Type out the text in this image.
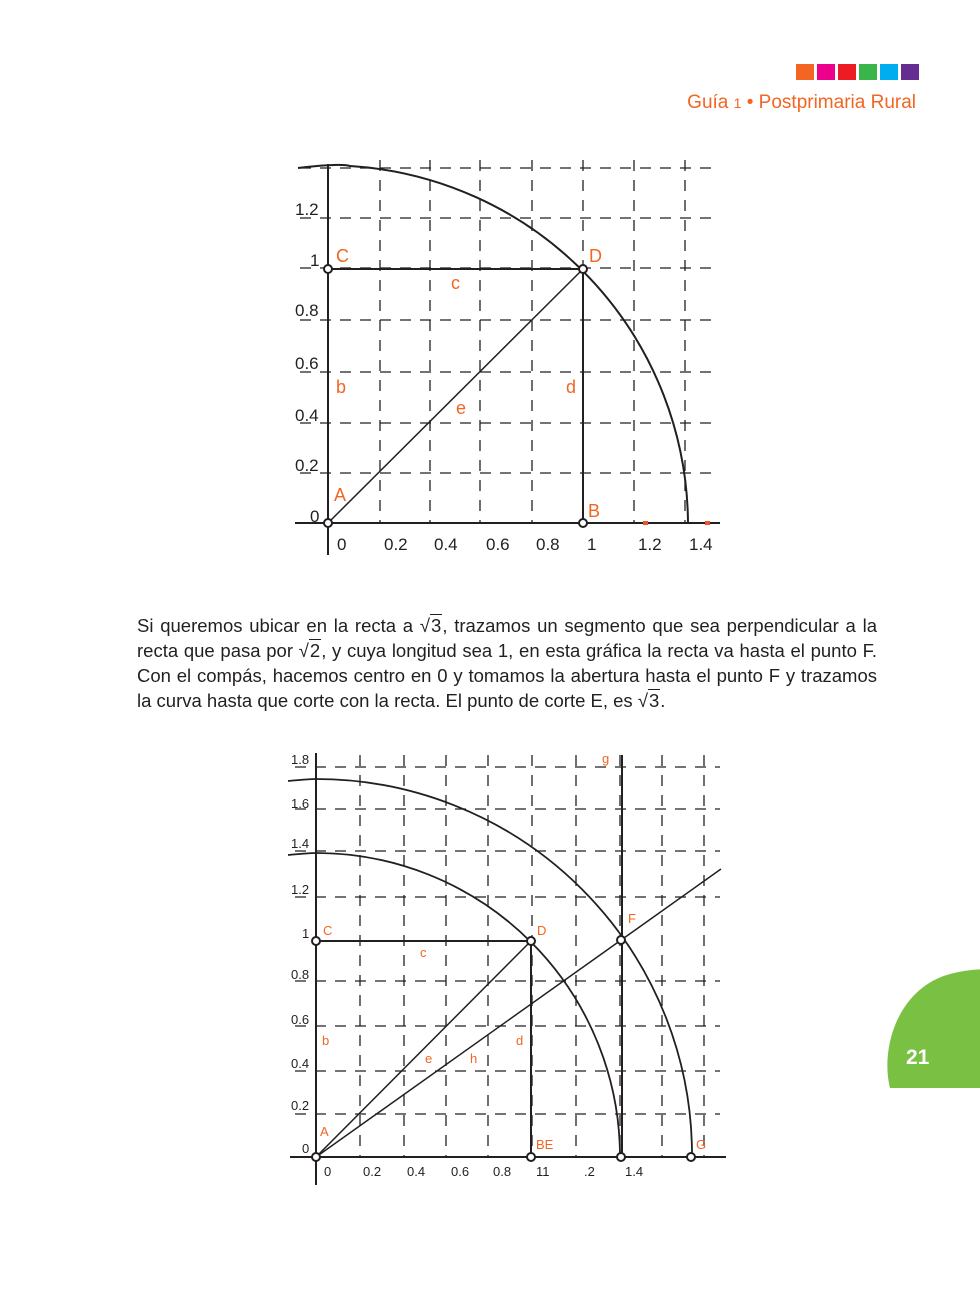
Guía 1 • Postprimaria Rural
1.2
1
0.8
0.6
0.4
0.2
0
0 0.2 0.4 0.6 0.8 1 1.2 1.4
A
B
C	D
b
c
d
e

Si queremos ubicar en la recta a √3, trazamos un segmento que sea perpendicular a la recta que pasa por √2, y cuya longitud sea 1, en esta gráfica la recta va hasta el punto F. Con el compás, hacemos centro en 0 y tomamos la abertura hasta el punto F y trazamos la curva hasta que corte con la recta. El punto de corte E, es √3.

1.8
1.6
1.4
1.2
1
0.8
0.6
0.4
0.2
0
0 0.2 0.4 0.6 0.8 11	.2 1.4
A
BE
C	D
F
G
g
b
c
d
e	h	21
